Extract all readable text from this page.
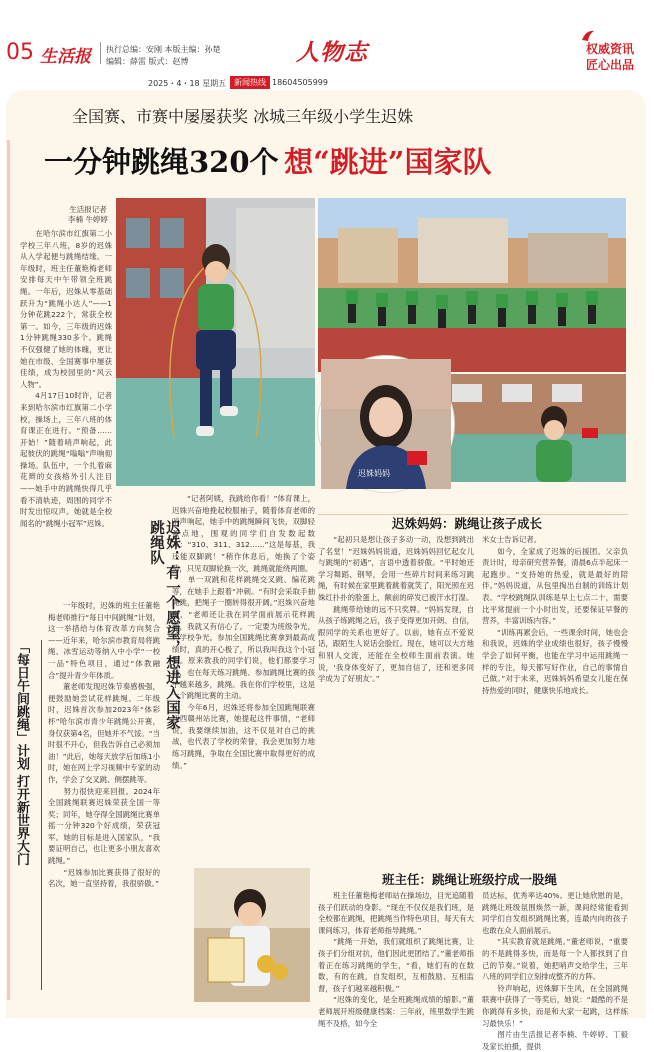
05 生活报 执行总编：安刚 本版主编：孙楚
编辑：薛雷 版式：赵博	人物志	权威资讯
匠心出品
2025・4・18 星期五 新闻热线 18604505999
全国赛、市赛中屡屡获奖 冰城三年级小学生迟姝
一分钟跳绳320个 想“跳进”国家队
生活报记者
李楠 牛婷婷
　　在哈尔滨市红旗第二小学校三年八班，8岁的迟姝从入学起便与跳绳结缘。一年级时，班主任董艳梅老师安排每天中午带领全班跳绳。一年后，迟姝从零基础跃升为“跳绳小达人”——1分钟花跳222个，常获全校第一。如今，三年级的迟姝1分钟跳绳330多个。跳绳不仅强健了她的体魄，更让她在市级、全国赛事中屡获佳绩，成为校园里的“风云人物”。
　　4月17日10时许，记者来到哈尔滨市红旗第二小学校，操场上，三年八班的体育课正在进行。“预备……开始！”随着哨声响起，此起彼伏的跳绳“嗡嗡”声响彻操场。队伍中，一个扎着麻花辫的女孩格外引人注目——她手中的跳绳快得几乎看不清轨迹，周围的同学不时发出惊叹声。她就是全校闻名的“跳绳小冠军”迟姝。
迟姝妈妈
　　“记者阿姨，我跳给你看！”体育课上，迟姝兴奋地挽起校服袖子，随着体育老师的哨声响起，她手中的跳绳瞬间飞快，双脚轻盈点地，围观的同学们自发数起数来：“310、311、312……”这是每基，我还能双脚跳！”稍作休息后，她换了个姿势，只见双脚轮换一次，跳绳就能绕两圈。
　　单一双跳和花样跳绳交叉跳、编花跳等，在她手上跟着“冲刺。“有时会采取手抽绳跳，把绳子一圈转得很开阔。”迟姝兴奋地说，“老师还让我在同学面前展示花样跳绳，我就又有信心了。一定要为班级争光，为学校争光。参加全国跳绳比赛拿到最高成绩时，真的开心极了，所以我叫我这个小冠军。原来教我的同学们说，他们都要学习我，也在每天练习跳绳、参加跳绳比赛的孩子越来越多，跳绳。我在你们学校里，这是一个跳绳比赛的主动。
　　今年6月，迟姝还将参加全国跳绳联赛江西赣州站比赛，她提起这件事情，“老师说，我要继续加油，这不仅是对自己的挑战，也代表了学校的荣誉，我会更加努力地练习跳绳，争取在全国比赛中取得更好的成绩。”
迟姝：有一个愿望，想进入国家跳绳队
　　一年级时，迟姝的班主任董艳梅老师推行“每日中间跳绳”计划，这一举措给与体育改革方向契合——近年来，哈尔滨市教育局将跳绳、冰雪运动等纳入中小学“一校一品”特色项目，通过“体教融合”提升青少年体质。
　　董老师发现迟姝节奏感极强，便鼓励她尝试花样跳绳。二年级时，迟姝首次参加2023年“体彩杯”哈尔滨市青少年跳绳公开赛，身仅获第4名，但她并不气馁。“当时很不开心，但我告诉自己必须加油！”此后，她每天放学后加练1小时，她在网上学习视频中专家的动作，学会了交叉跳、侧摆跳等。
　　努力很快迎来回报。2024年全国跳绳联赛迟姝荣获全国一等奖；同年，她夺得全国跳绳比赛单摇一分钟320个好成绩，荣获冠军。她的目标是进入国家队，“我要证明自己，也让更多小朋友喜欢跳绳。”
　　“迟姝参加比赛获得了很好的名次，她一直坚持着，我很骄傲。”
「每日午间跳绳」计划 打开新世界大门
迟姝妈妈：跳绳让孩子成长
　　“起初只是想让孩子多动一动，没想到跳出了名堂！”迟姝妈妈说道，迟姝妈妈回忆起女儿与跳绳的“初遇”，言语中透着骄傲。“平时她还学习舞蹈、钢琴，会用一些碎片时间来练习跳绳，有时候在家里跳着跳着就笑了，阳光照在迟姝红扑扑的脸蛋上，额前的碎发已被汗水打湿。
　　跳绳带给她的远不只奖牌。“妈妈发现，自从孩子练跳绳之后，孩子变得更加开朗、自信，跟同学的关系也更好了。以前，她有点不爱说话，跟陌生人说话会脸红。现在，她可以大方地和别人交流，还能在全校师生面前表演。她说，‘我身体变好了，更加自信了，还和更多同学成为了好朋友’。”
米女士告诉记者。
　　如今，全家成了迟姝的后援团。父亲负责计时，母亲研究营养餐，清晨6点半起床一起跑步。“支持她的热爱，就是最好的陪伴。”妈妈说道，从包里掏出自制的训练计划表。“学校跳绳队训练是早上七点二十，需要比平常提前一个小时出发，还要保证早餐的营养，丰富训练内容。”
　　“训练再累会后，一些课余时间，她也会和我说，迟姝的学业成绩也很好，孩子慢慢学会了如何平衡，也能在学习中运用跳绳一样的专注，每天都写好作业，自己的事情自己做。”对于未来，迟姝妈妈希望女儿能在保持热爱的同时，健康快乐地成长。
班主任：跳绳让班级拧成一股绳
　　班主任董艳梅老师站在操场边，目光追随着孩子们跃动的身影。“现在不仅仅是我们班，是全校都在跳绳，把跳绳当作特色项目，每天有大课间练习，体育老师指导跳绳。”
　　“跳绳一开始，我们就组织了跳绳比赛，让孩子们分组对抗，他们因此更团结了。”董老师指着正在练习跳绳的学生，“看，她们有的在数数，有的在跳，自发组织，互相鼓励、互相监督，孩子们越来越积极。”
　　“迟姝的变化，是全班跳绳成绩的缩影。”董老师展开班级健康档案：三年前，班里数学生跳绳不及格，如今全
员达标，优秀率达40%。更让她欣慰的是，跳绳让班级氛围焕然一新，课间经常能看到同学们自发组织跳绳比赛，连最内向的孩子也敢在众人面前展示。
　　“其实教育就是跳绳。”董老师说，“重要的不是跳得多快，而是每一个人都找到了自己的节奏。”说着，她把哨声交给学生，三年八班的同学们立刻排成整齐的方阵。
　　铃声响起，迟姝脚下生风，在全国跳绳联赛中获得了一等奖后，她说：“最酷的不是你跳得有多快，而是和大家一起跳，这样练习最快乐！”
　　图片由生活报记者李楠、牛婷婷、丁毅及家长拍摄，提供
